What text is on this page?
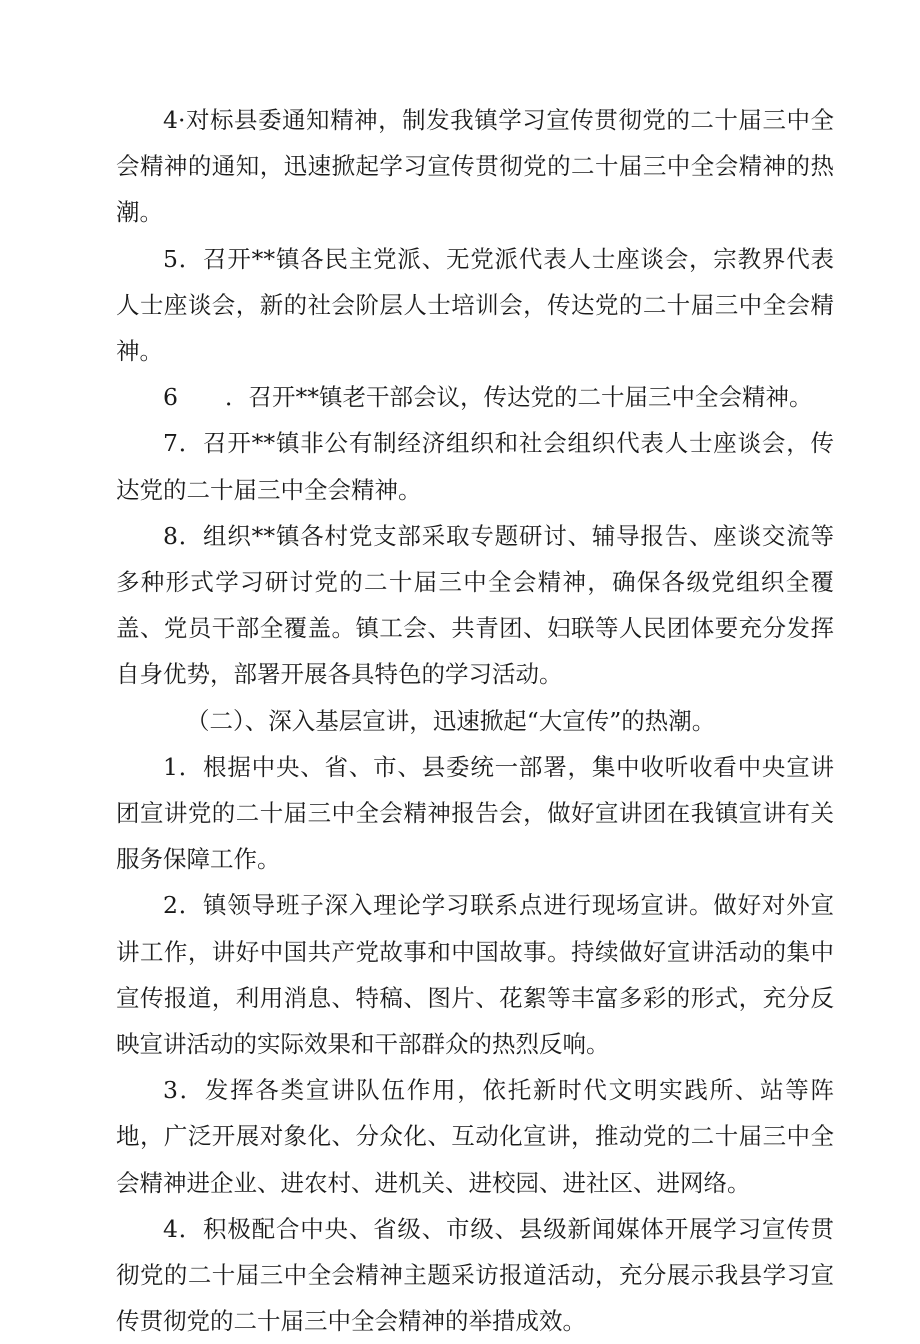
4·对标县委通知精神，制发我镇学习宣传贯彻党的二十届三中全会精神的通知，迅速掀起学习宣传贯彻党的二十届三中全会精神的热潮。

5．召开**镇各民主党派、无党派代表人士座谈会，宗教界代表人士座谈会，新的社会阶层人士培训会，传达党的二十届三中全会精神。

6　　．召开**镇老干部会议，传达党的二十届三中全会精神。

7．召开**镇非公有制经济组织和社会组织代表人士座谈会，传达党的二十届三中全会精神。

8．组织**镇各村党支部采取专题研讨、辅导报告、座谈交流等多种形式学习研讨党的二十届三中全会精神，确保各级党组织全覆盖、党员干部全覆盖。镇工会、共青团、妇联等人民团体要充分发挥自身优势，部署开展各具特色的学习活动。

（二）、深入基层宣讲，迅速掀起“大宣传”的热潮。

1．根据中央、省、市、县委统一部署，集中收听收看中央宣讲团宣讲党的二十届三中全会精神报告会，做好宣讲团在我镇宣讲有关服务保障工作。

2．镇领导班子深入理论学习联系点进行现场宣讲。做好对外宣讲工作，讲好中国共产党故事和中国故事。持续做好宣讲活动的集中宣传报道，利用消息、特稿、图片、花絮等丰富多彩的形式，充分反映宣讲活动的实际效果和干部群众的热烈反响。

3．发挥各类宣讲队伍作用，依托新时代文明实践所、站等阵地，广泛开展对象化、分众化、互动化宣讲，推动党的二十届三中全会精神进企业、进农村、进机关、进校园、进社区、进网络。

4．积极配合中央、省级、市级、县级新闻媒体开展学习宣传贯彻党的二十届三中全会精神主题采访报道活动，充分展示我县学习宣传贯彻党的二十届三中全会精神的举措成效。
